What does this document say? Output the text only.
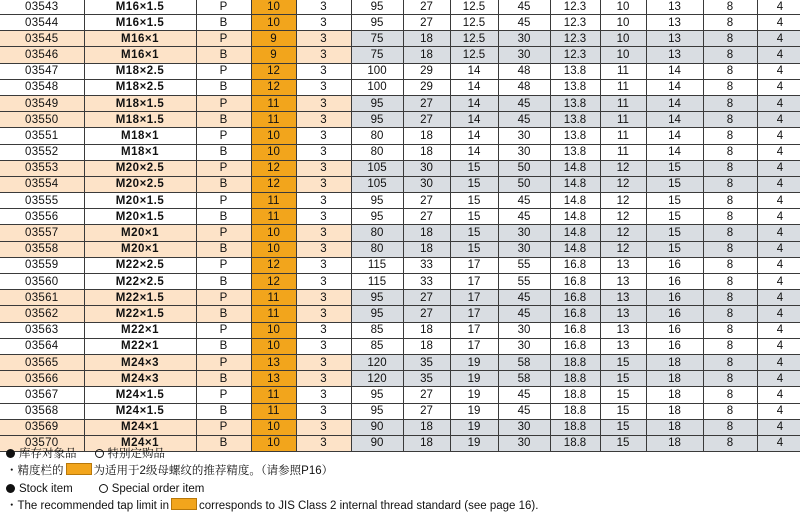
03543	M16×1.5	P	10	3	95	27	12.5	45	12.3	10	13	8	4	
03544	M16×1.5	B	10	3	95	27	12.5	45	12.3	10	13	8	4	
03545	M16×1	P	9	3	75	18	12.5	30	12.3	10	13	8	4	
03546	M16×1	B	9	3	75	18	12.5	30	12.3	10	13	8	4	
03547	M18×2.5	P	12	3	100	29	14	48	13.8	11	14	8	4	
03548	M18×2.5	B	12	3	100	29	14	48	13.8	11	14	8	4	
03549	M18×1.5	P	11	3	95	27	14	45	13.8	11	14	8	4	
03550	M18×1.5	B	11	3	95	27	14	45	13.8	11	14	8	4	
03551	M18×1	P	10	3	80	18	14	30	13.8	11	14	8	4	
03552	M18×1	B	10	3	80	18	14	30	13.8	11	14	8	4	
03553	M20×2.5	P	12	3	105	30	15	50	14.8	12	15	8	4	
03554	M20×2.5	B	12	3	105	30	15	50	14.8	12	15	8	4	
03555	M20×1.5	P	11	3	95	27	15	45	14.8	12	15	8	4	
03556	M20×1.5	B	11	3	95	27	15	45	14.8	12	15	8	4	
03557	M20×1	P	10	3	80	18	15	30	14.8	12	15	8	4	
03558	M20×1	B	10	3	80	18	15	30	14.8	12	15	8	4	
03559	M22×2.5	P	12	3	115	33	17	55	16.8	13	16	8	4	
03560	M22×2.5	B	12	3	115	33	17	55	16.8	13	16	8	4	
03561	M22×1.5	P	11	3	95	27	17	45	16.8	13	16	8	4	
03562	M22×1.5	B	11	3	95	27	17	45	16.8	13	16	8	4	
03563	M22×1	P	10	3	85	18	17	30	16.8	13	16	8	4	
03564	M22×1	B	10	3	85	18	17	30	16.8	13	16	8	4	
03565	M24×3	P	13	3	120	35	19	58	18.8	15	18	8	4	
03566	M24×3	B	13	3	120	35	19	58	18.8	15	18	8	4	
03567	M24×1.5	P	11	3	95	27	19	45	18.8	15	18	8	4	
03568	M24×1.5	B	11	3	95	27	19	45	18.8	15	18	8	4	
03569	M24×1	P	10	3	90	18	19	30	18.8	15	18	8	4	
03570	M24×1	B	10	3	90	18	19	30	18.8	15	18	8	4	
库存对象品	特别定购品
・精度栏的	为适用于2级母螺纹的推荐精度。（请参照P16）
Stock item	Special order item
・The recommended tap limit in	corresponds to JIS Class 2 internal thread standard (see page 16).
